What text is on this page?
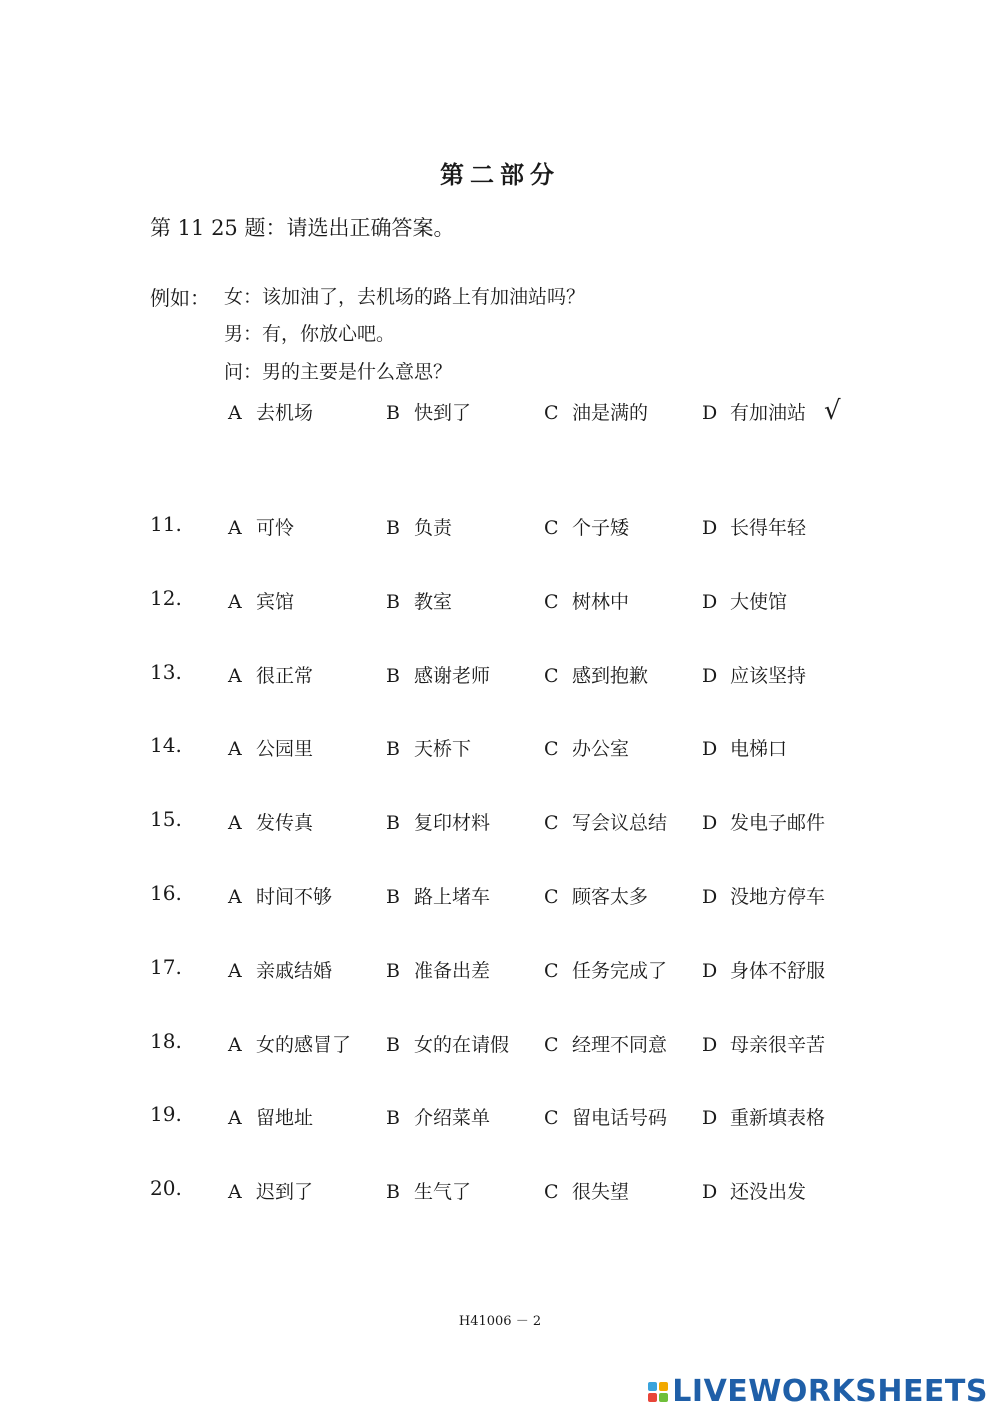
第二部分
第 11 25 题：请选出正确答案。
例如： 女：该加油了，去机场的路上有加油站吗？
男：有，你放心吧。
问：男的主要是什么意思？
A 去机场	B 快到了	C 油是满的	D 有加油站 √
11. A 可怜	B 负责	C 个子矮	D 长得年轻
12. A 宾馆	B 教室	C 树林中	D 大使馆
13. A 很正常	B 感谢老师	C 感到抱歉	D 应该坚持
14. A 公园里	B 天桥下	C 办公室	D 电梯口
15. A 发传真	B 复印材料	C 写会议总结 D 发电子邮件
16. A 时间不够	B 路上堵车	C 顾客太多	D 没地方停车
17. A 亲戚结婚	B 准备出差	C 任务完成了 D 身体不舒服
18. A 女的感冒了 B 女的在请假 C 经理不同意 D 母亲很辛苦
19. A 留地址	B 介绍菜单	C 留电话号码 D 重新填表格
20. A 迟到了	B 生气了	C 很失望	D 还没出发
H41006 － 2
LIVEWORKSHEETS
